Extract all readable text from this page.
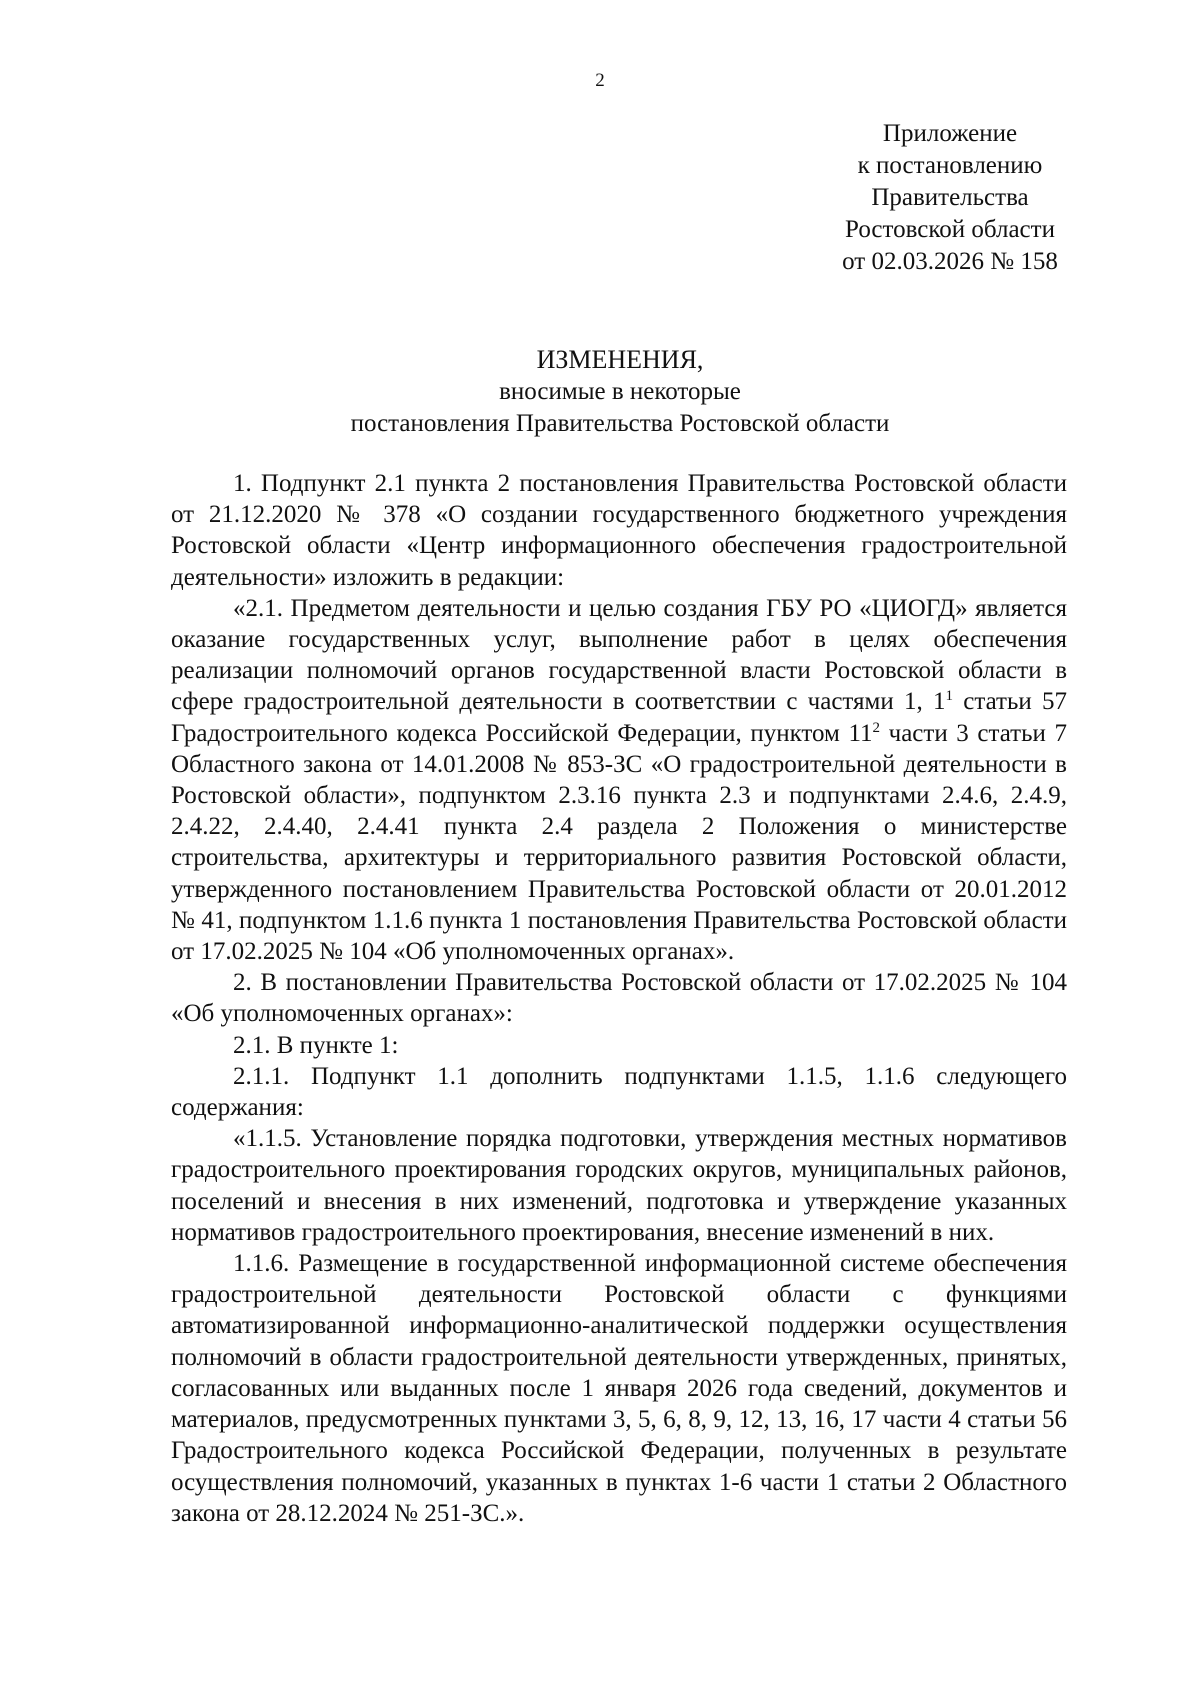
2
Приложение
к постановлению
Правительства
Ростовской области
от 02.03.2026 № 158
ИЗМЕНЕНИЯ,
вносимые в некоторые
постановления Правительства Ростовской области

1. Подпункт 2.1 пункта 2 постановления Правительства Ростовской области от 21.12.2020 № 378 «О создании государственного бюджетного учреждения Ростовской области «Центр информационного обеспечения градостроительной деятельности» изложить в редакции:

«2.1. Предметом деятельности и целью создания ГБУ РО «ЦИОГД» является оказание государственных услуг, выполнение работ в целях обеспечения реализации полномочий органов государственной власти Ростовской области в сфере градостроительной деятельности в соответствии с частями 1, $1^1$ статьи 57 Градостроительного кодекса Российской Федерации, пунктом $11^2$ части 3 статьи 7 Областного закона от 14.01.2008 № 853-ЗС «О градостроительной деятельности в Ростовской области», подпунктом 2.3.16 пункта 2.3 и подпунктами 2.4.6, 2.4.9, 2.4.22, 2.4.40, 2.4.41 пункта 2.4 раздела 2 Положения о министерстве строительства, архитектуры и территориального развития Ростовской области, утвержденного постановлением Правительства Ростовской области от 20.01.2012 № 41, подпунктом 1.1.6 пункта 1 постановления Правительства Ростовской области от 17.02.2025 № 104 «Об уполномоченных органах».

2. В постановлении Правительства Ростовской области от 17.02.2025 № 104 «Об уполномоченных органах»:

2.1. В пункте 1:

2.1.1. Подпункт 1.1 дополнить подпунктами 1.1.5, 1.1.6 следующего содержания:

«1.1.5. Установление порядка подготовки, утверждения местных нормативов градостроительного проектирования городских округов, муниципальных районов, поселений и внесения в них изменений, подготовка и утверждение указанных нормативов градостроительного проектирования, внесение изменений в них.

1.1.6. Размещение в государственной информационной системе обеспечения градостроительной деятельности Ростовской области с функциями автоматизированной информационно-аналитической поддержки осуществления полномочий в области градостроительной деятельности утвержденных, принятых, согласованных или выданных после 1 января 2026 года сведений, документов и материалов, предусмотренных пунктами 3, 5, 6, 8, 9, 12, 13, 16, 17 части 4 статьи 56 Градостроительного кодекса Российской Федерации, полученных в результате осуществления полномочий, указанных в пунктах 1-6 части 1 статьи 2 Областного закона от 28.12.2024 № 251-ЗС.».
